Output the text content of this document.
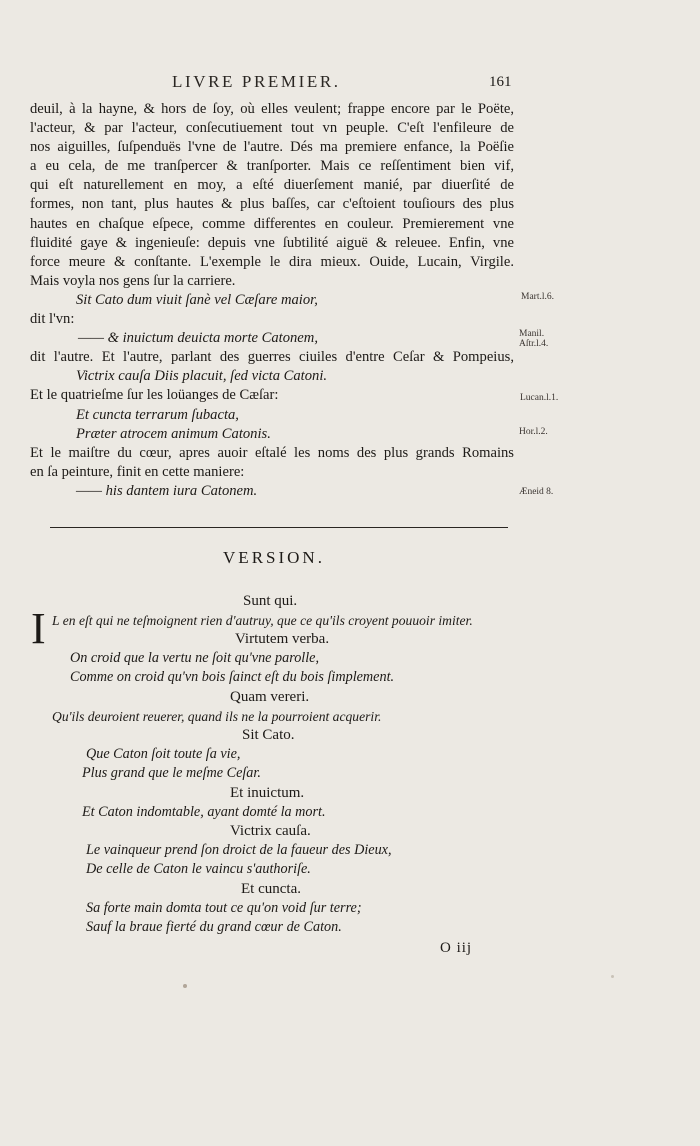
LIVRE PREMIER.	161
deuil, à la hayne, & hors de ſoy, où elles veulent; frappe encore par le Poëte,
l'acteur, & par l'acteur, conſecutiuement tout vn peuple. C'eſt l'enfileure de
nos aiguilles, ſuſpenduës l'vne de l'autre. Dés ma premiere enfance, la Poëſie
a eu cela, de me tranſpercer & tranſporter. Mais ce reſſentiment bien vif,
qui eſt naturellement en moy, a eſté diuerſement manié, par diuerſité de
formes, non tant, plus hautes & plus baſſes, car c'eſtoient touſiours des plus
hautes en chaſque eſpece, comme differentes en couleur. Premierement vne
fluidité gaye & ingenieuſe: depuis vne ſubtilité aiguë & releuee. Enfin, vne
force meure & conſtante. L'exemple le dira mieux. Ouide, Lucain, Virgile.
Mais voyla nos gens ſur la carriere.
Sit Cato dum viuit ſanè vel Cæſare maior,
dit l'vn:
—— & inuictum deuicta morte Catonem,
dit l'autre. Et l'autre, parlant des guerres ciuiles d'entre Ceſar & Pompeius,
Victrix cauſa Diis placuit, ſed victa Catoni.
Et le quatrieſme ſur les loüanges de Cæſar:
Et cuncta terrarum ſubacta,
Præter atrocem animum Catonis.
Et le maiſtre du cœur, apres auoir eſtalé les noms des plus grands Romains
en ſa peinture, finit en cette maniere:
—— his dantem iura Catonem.
Mart.l.6.
Manil.
Aſtr.l.4.
Lucan.l.1.
Hor.l.2.
Æneid 8.
VERSION.
I
Sunt qui.
L en eſt qui ne teſmoignent rien d'autruy, que ce qu'ils croyent pouuoir imiter.
Virtutem verba.
On croid que la vertu ne ſoit qu'vne parolle,
Comme on croid qu'vn bois ſainct eſt du bois ſimplement.
Quam vereri.
Qu'ils deuroient reuerer, quand ils ne la pourroient acquerir.
Sit Cato.
Que Caton ſoit toute ſa vie,
Plus grand que le meſme Ceſar.
Et inuictum.
Et Caton indomtable, ayant domté la mort.
Victrix cauſa.
Le vainqueur prend ſon droict de la faueur des Dieux,
De celle de Caton le vaincu s'authoriſe.
Et cuncta.
Sa forte main domta tout ce qu'on void ſur terre;
Sauf la braue fierté du grand cœur de Caton.
O iij
